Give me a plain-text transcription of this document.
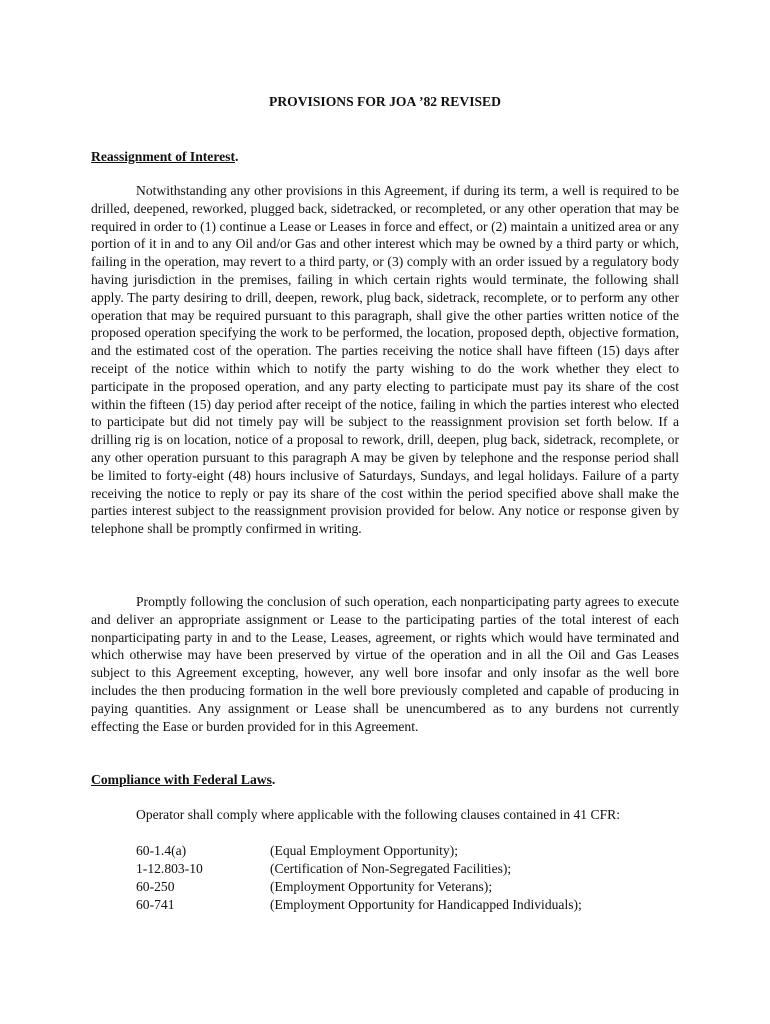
PROVISIONS FOR JOA ’82 REVISED
Reassignment of Interest.

Notwithstanding any other provisions in this Agreement, if during its term, a well is required to be drilled, deepened, reworked, plugged back, sidetracked, or recompleted, or any other operation that may be required in order to (1) continue a Lease or Leases in force and effect, or (2) maintain a unitized area or any portion of it in and to any Oil and/or Gas and other interest which may be owned by a third party or which, failing in the operation, may revert to a third party, or (3) comply with an order issued by a regulatory body having jurisdiction in the premises, failing in which certain rights would terminate, the following shall apply. The party desiring to drill, deepen, rework, plug back, sidetrack, recomplete, or to perform any other operation that may be required pursuant to this paragraph, shall give the other parties written notice of the proposed operation specifying the work to be performed, the location, proposed depth, objective formation, and the estimated cost of the operation. The parties receiving the notice shall have fifteen (15) days after receipt of the notice within which to notify the party wishing to do the work whether they elect to participate in the proposed operation, and any party electing to participate must pay its share of the cost within the fifteen (15) day period after receipt of the notice, failing in which the parties interest who elected to participate but did not timely pay will be subject to the reassignment provision set forth below. If a drilling rig is on location, notice of a proposal to rework, drill, deepen, plug back, sidetrack, recomplete, or any other operation pursuant to this paragraph A may be given by telephone and the response period shall be limited to forty-eight (48) hours inclusive of Saturdays, Sundays, and legal holidays. Failure of a party receiving the notice to reply or pay its share of the cost within the period specified above shall make the parties interest subject to the reassignment provision provided for below. Any notice or response given by telephone shall be promptly confirmed in writing.

Promptly following the conclusion of such operation, each nonparticipating party agrees to execute and deliver an appropriate assignment or Lease to the participating parties of the total interest of each nonparticipating party in and to the Lease, Leases, agreement, or rights which would have terminated and which otherwise may have been preserved by virtue of the operation and in all the Oil and Gas Leases subject to this Agreement excepting, however, any well bore insofar and only insofar as the well bore includes the then producing formation in the well bore previously completed and capable of producing in paying quantities. Any assignment or Lease shall be unencumbered as to any burdens not currently effecting the Ease or burden provided for in this Agreement.

Compliance with Federal Laws.

Operator shall comply where applicable with the following clauses contained in 41 CFR:

60-1.4(a)	(Equal Employment Opportunity);
1-12.803-10	(Certification of Non-Segregated Facilities);
60-250	(Employment Opportunity for Veterans);
60-741	(Employment Opportunity for Handicapped Individuals);
